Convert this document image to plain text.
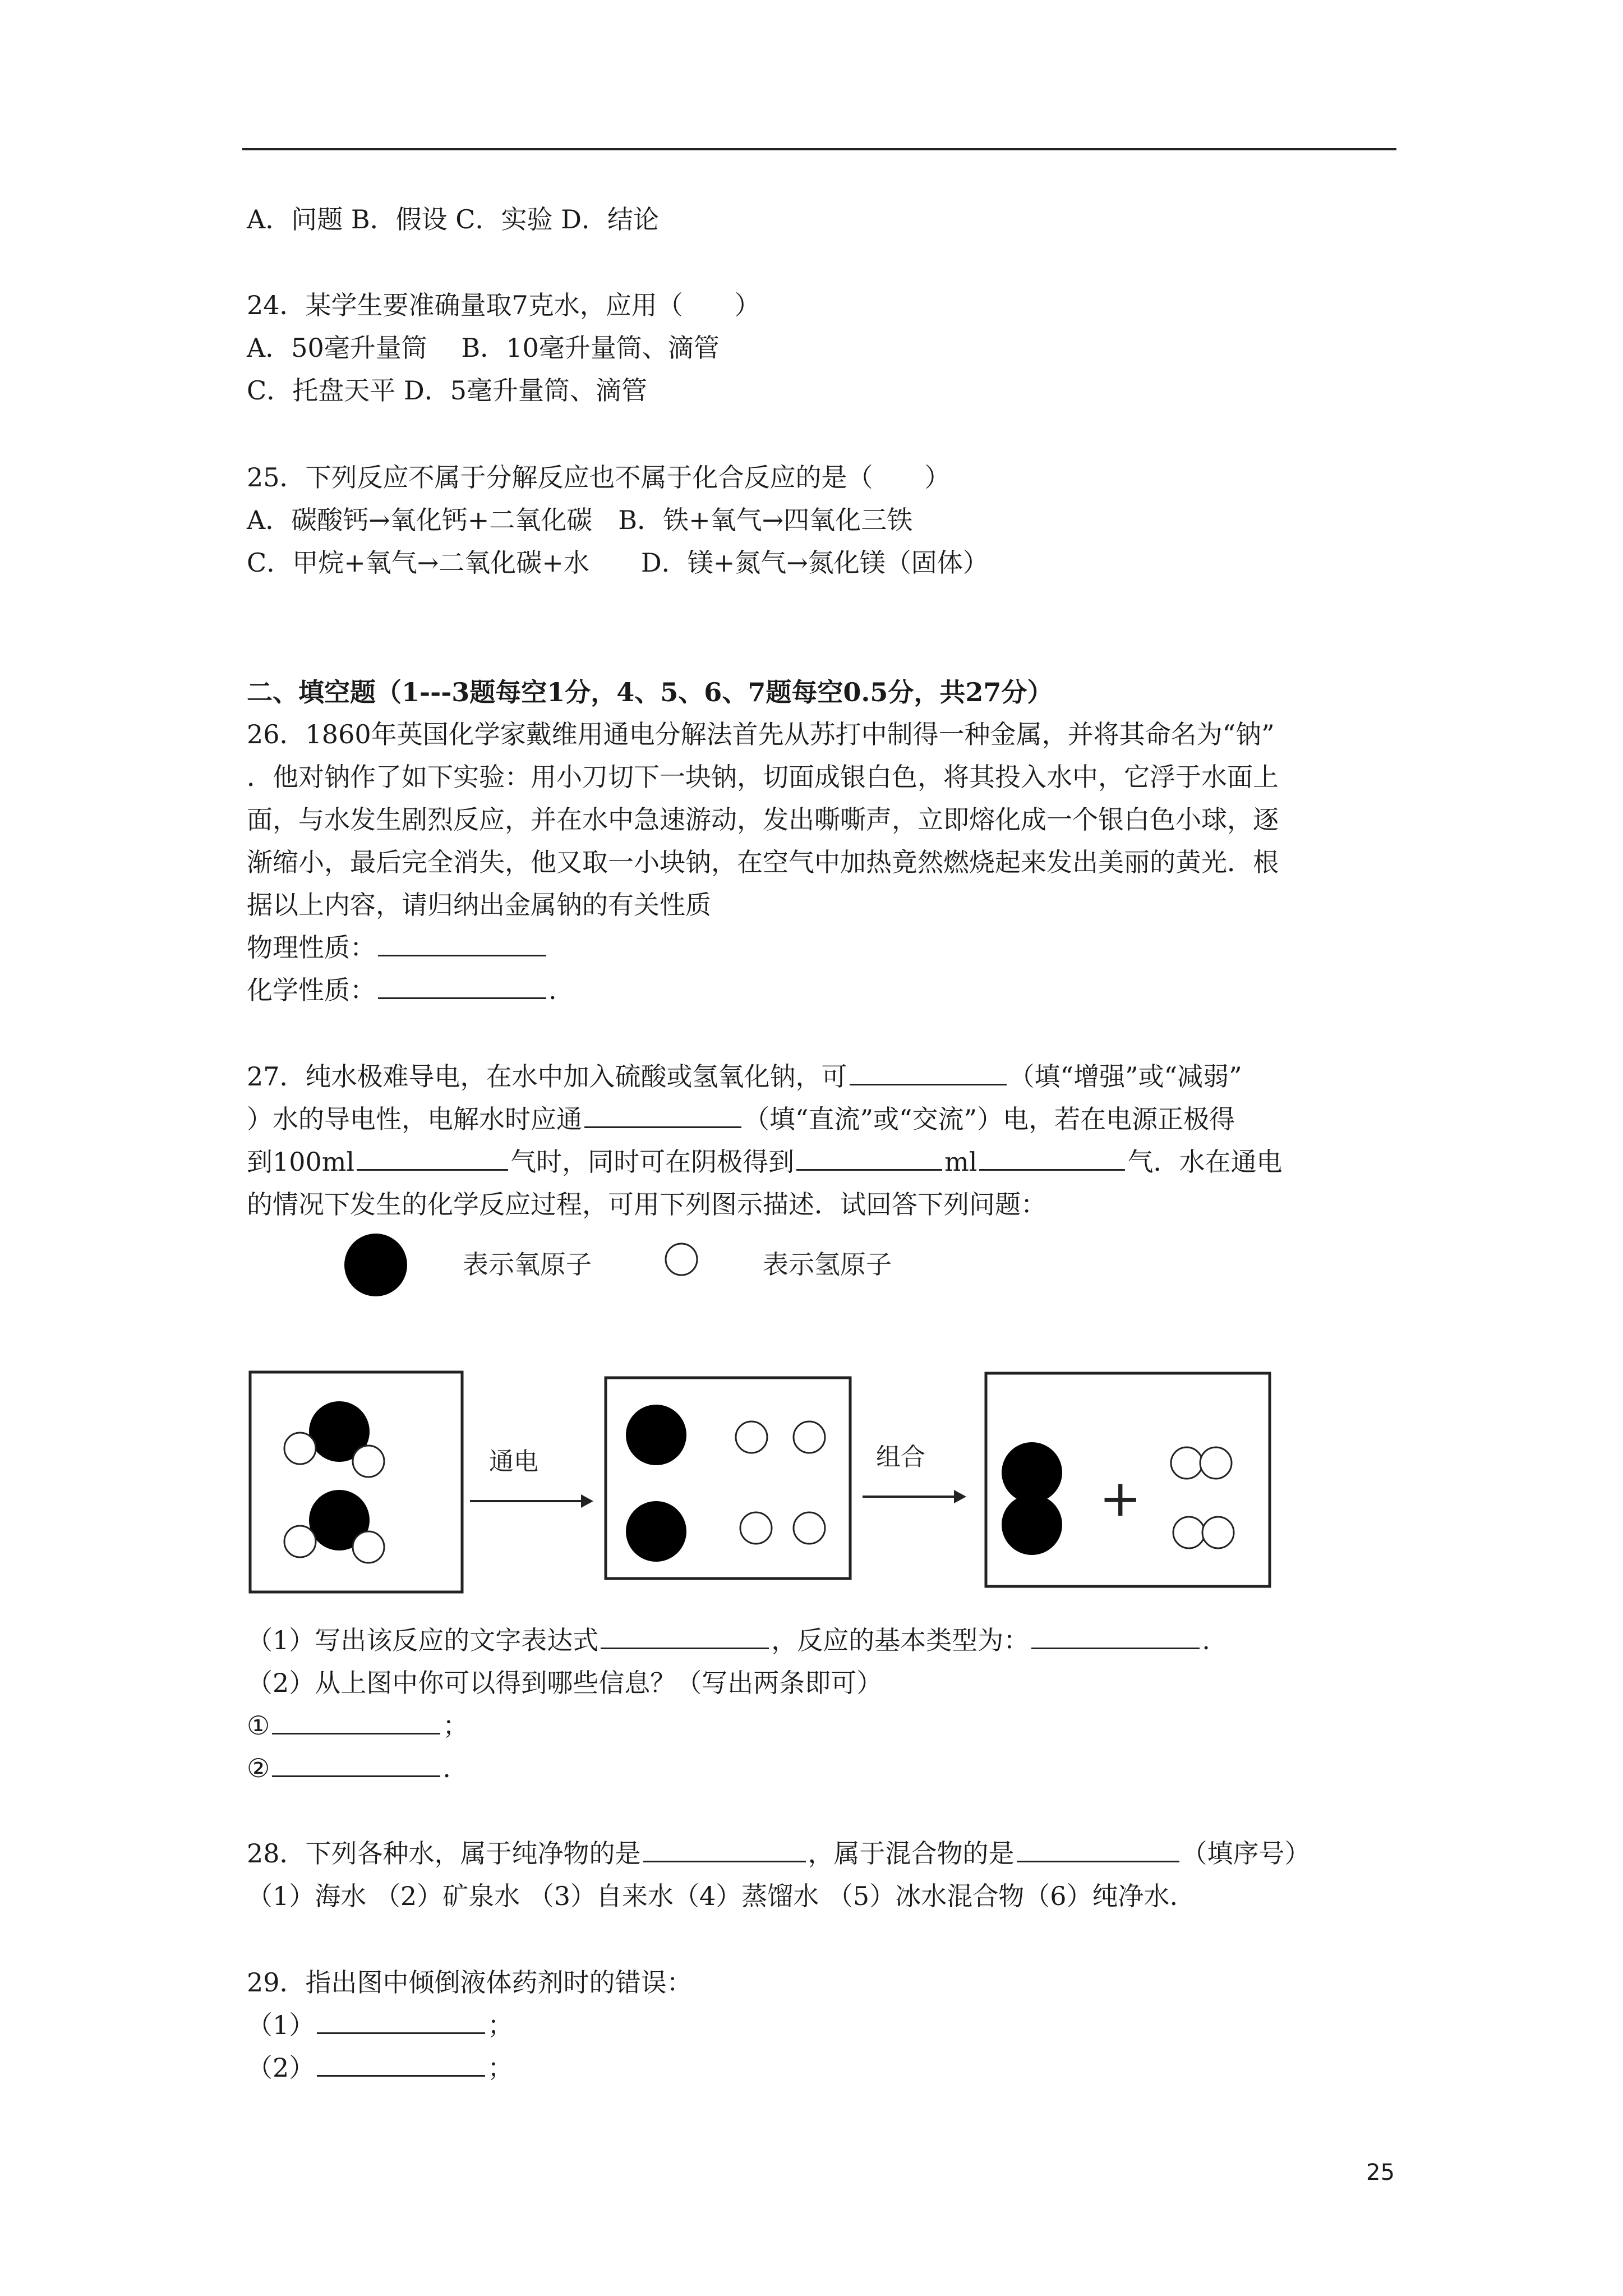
A．问题 B．假设 C．实验 D．结论
24．某学生要准确量取7克水，应用（　　）
A．50毫升量筒　 B．10毫升量筒、滴管
C．托盘天平 D．5毫升量筒、滴管
25．下列反应不属于分解反应也不属于化合反应的是（　　）
A．碳酸钙→氧化钙+二氧化碳　B．铁+氧气→四氧化三铁
C．甲烷+氧气→二氧化碳+水　　D．镁+氮气→氮化镁（固体）
二、填空题（1---3题每空1分，4、5、6、7题每空0.5分，共27分）
26．1860年英国化学家戴维用通电分解法首先从苏打中制得一种金属，并将其命名为“钠”
．他对钠作了如下实验：用小刀切下一块钠，切面成银白色，将其投入水中，它浮于水面上
面，与水发生剧烈反应，并在水中急速游动，发出嘶嘶声，立即熔化成一个银白色小球，逐
渐缩小，最后完全消失，他又取一小块钠，在空气中加热竟然燃烧起来发出美丽的黄光．根
据以上内容，请归纳出金属钠的有关性质
物理性质：
化学性质：	.
27．纯水极难导电，在水中加入硫酸或氢氧化钠，可	（填“增强”或“减弱”
）水的导电性，电解水时应通	（填“直流”或“交流”）电，若在电源正极得
到100ml	气时，同时可在阴极得到	ml	气．水在通电
的情况下发生的化学反应过程，可用下列图示描述．试回答下列问题：
表示氧原子	表示氢原子
通电	组合
+
（1）写出该反应的文字表达式	，反应的基本类型为：	.
（2）从上图中你可以得到哪些信息？（写出两条即可）
①	；
②	.
28．下列各种水，属于纯净物的是	，属于混合物的是	（填序号）
（1）海水 （2）矿泉水 （3）自来水（4）蒸馏水 （5）冰水混合物（6）纯净水.
29．指出图中倾倒液体药剂时的错误：
（1）	；
（2）	；
25
